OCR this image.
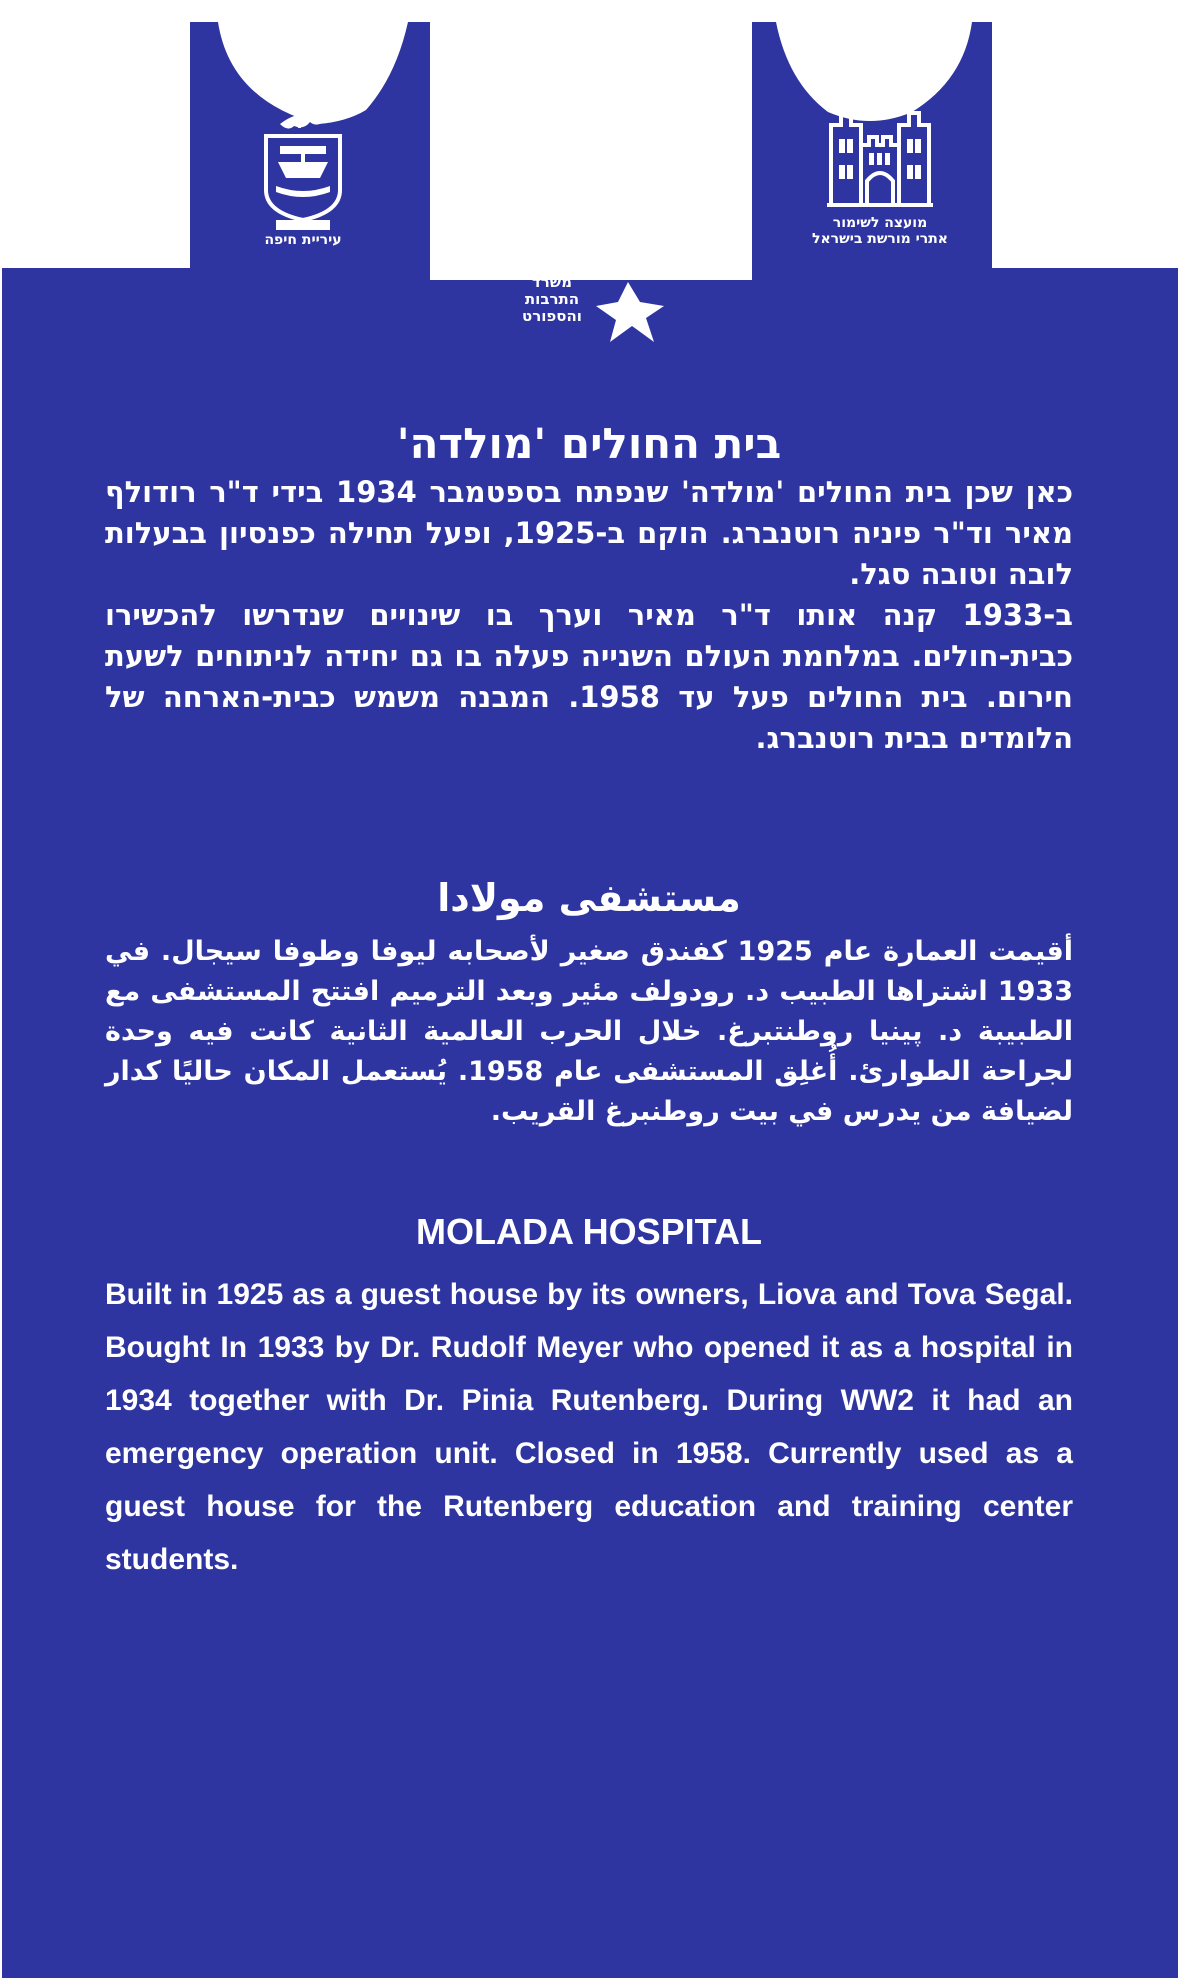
עיריית חיפה
מועצה לשימור
אתרי מורשת בישראל
משרד
התרבות
והספורט
בית החולים 'מולדה'

כאן שכן בית החולים 'מולדה' שנפתח בספטמבר 1934 בידי ד"ר רודולף מאיר וד"ר פיניה רוטנברג. הוקם ב-1925, ופעל תחילה כפנסיון בבעלות לובה וטובה סגל.

ב-1933 קנה אותו ד"ר מאיר וערך בו שינויים שנדרשו להכשירו כבית-חולים. במלחמת העולם השנייה פעלה בו גם יחידה לניתוחים לשעת חירום. בית החולים פעל עד 1958. המבנה משמש כבית-הארחה של הלומדים בבית רוטנברג.

مستشفى مولادا

أقيمت العمارة عام 1925 كفندق صغير لأصحابه ليوفا وطوفا سيجال. في 1933 اشتراها الطبيب د. رودولف مئير وبعد الترميم افتتح المستشفى مع الطبيبة د. پينيا روطنتبرغ. خلال الحرب العالمية الثانية كانت فيه وحدة لجراحة الطوارئ. أُغلِق المستشفى عام 1958. يُستعمل المكان حاليًا كدار لضيافة من يدرس في بيت روطنبرغ القريب.

MOLADA HOSPITAL

Built in 1925 as a guest house by its owners, Liova and Tova Segal. Bought In 1933 by Dr. Rudolf Meyer who opened it as a hospital in 1934 together with Dr. Pinia Rutenberg. During WW2 it had an emergency operation unit. Closed in 1958. Currently used as a guest house for the Rutenberg education and training center students.
